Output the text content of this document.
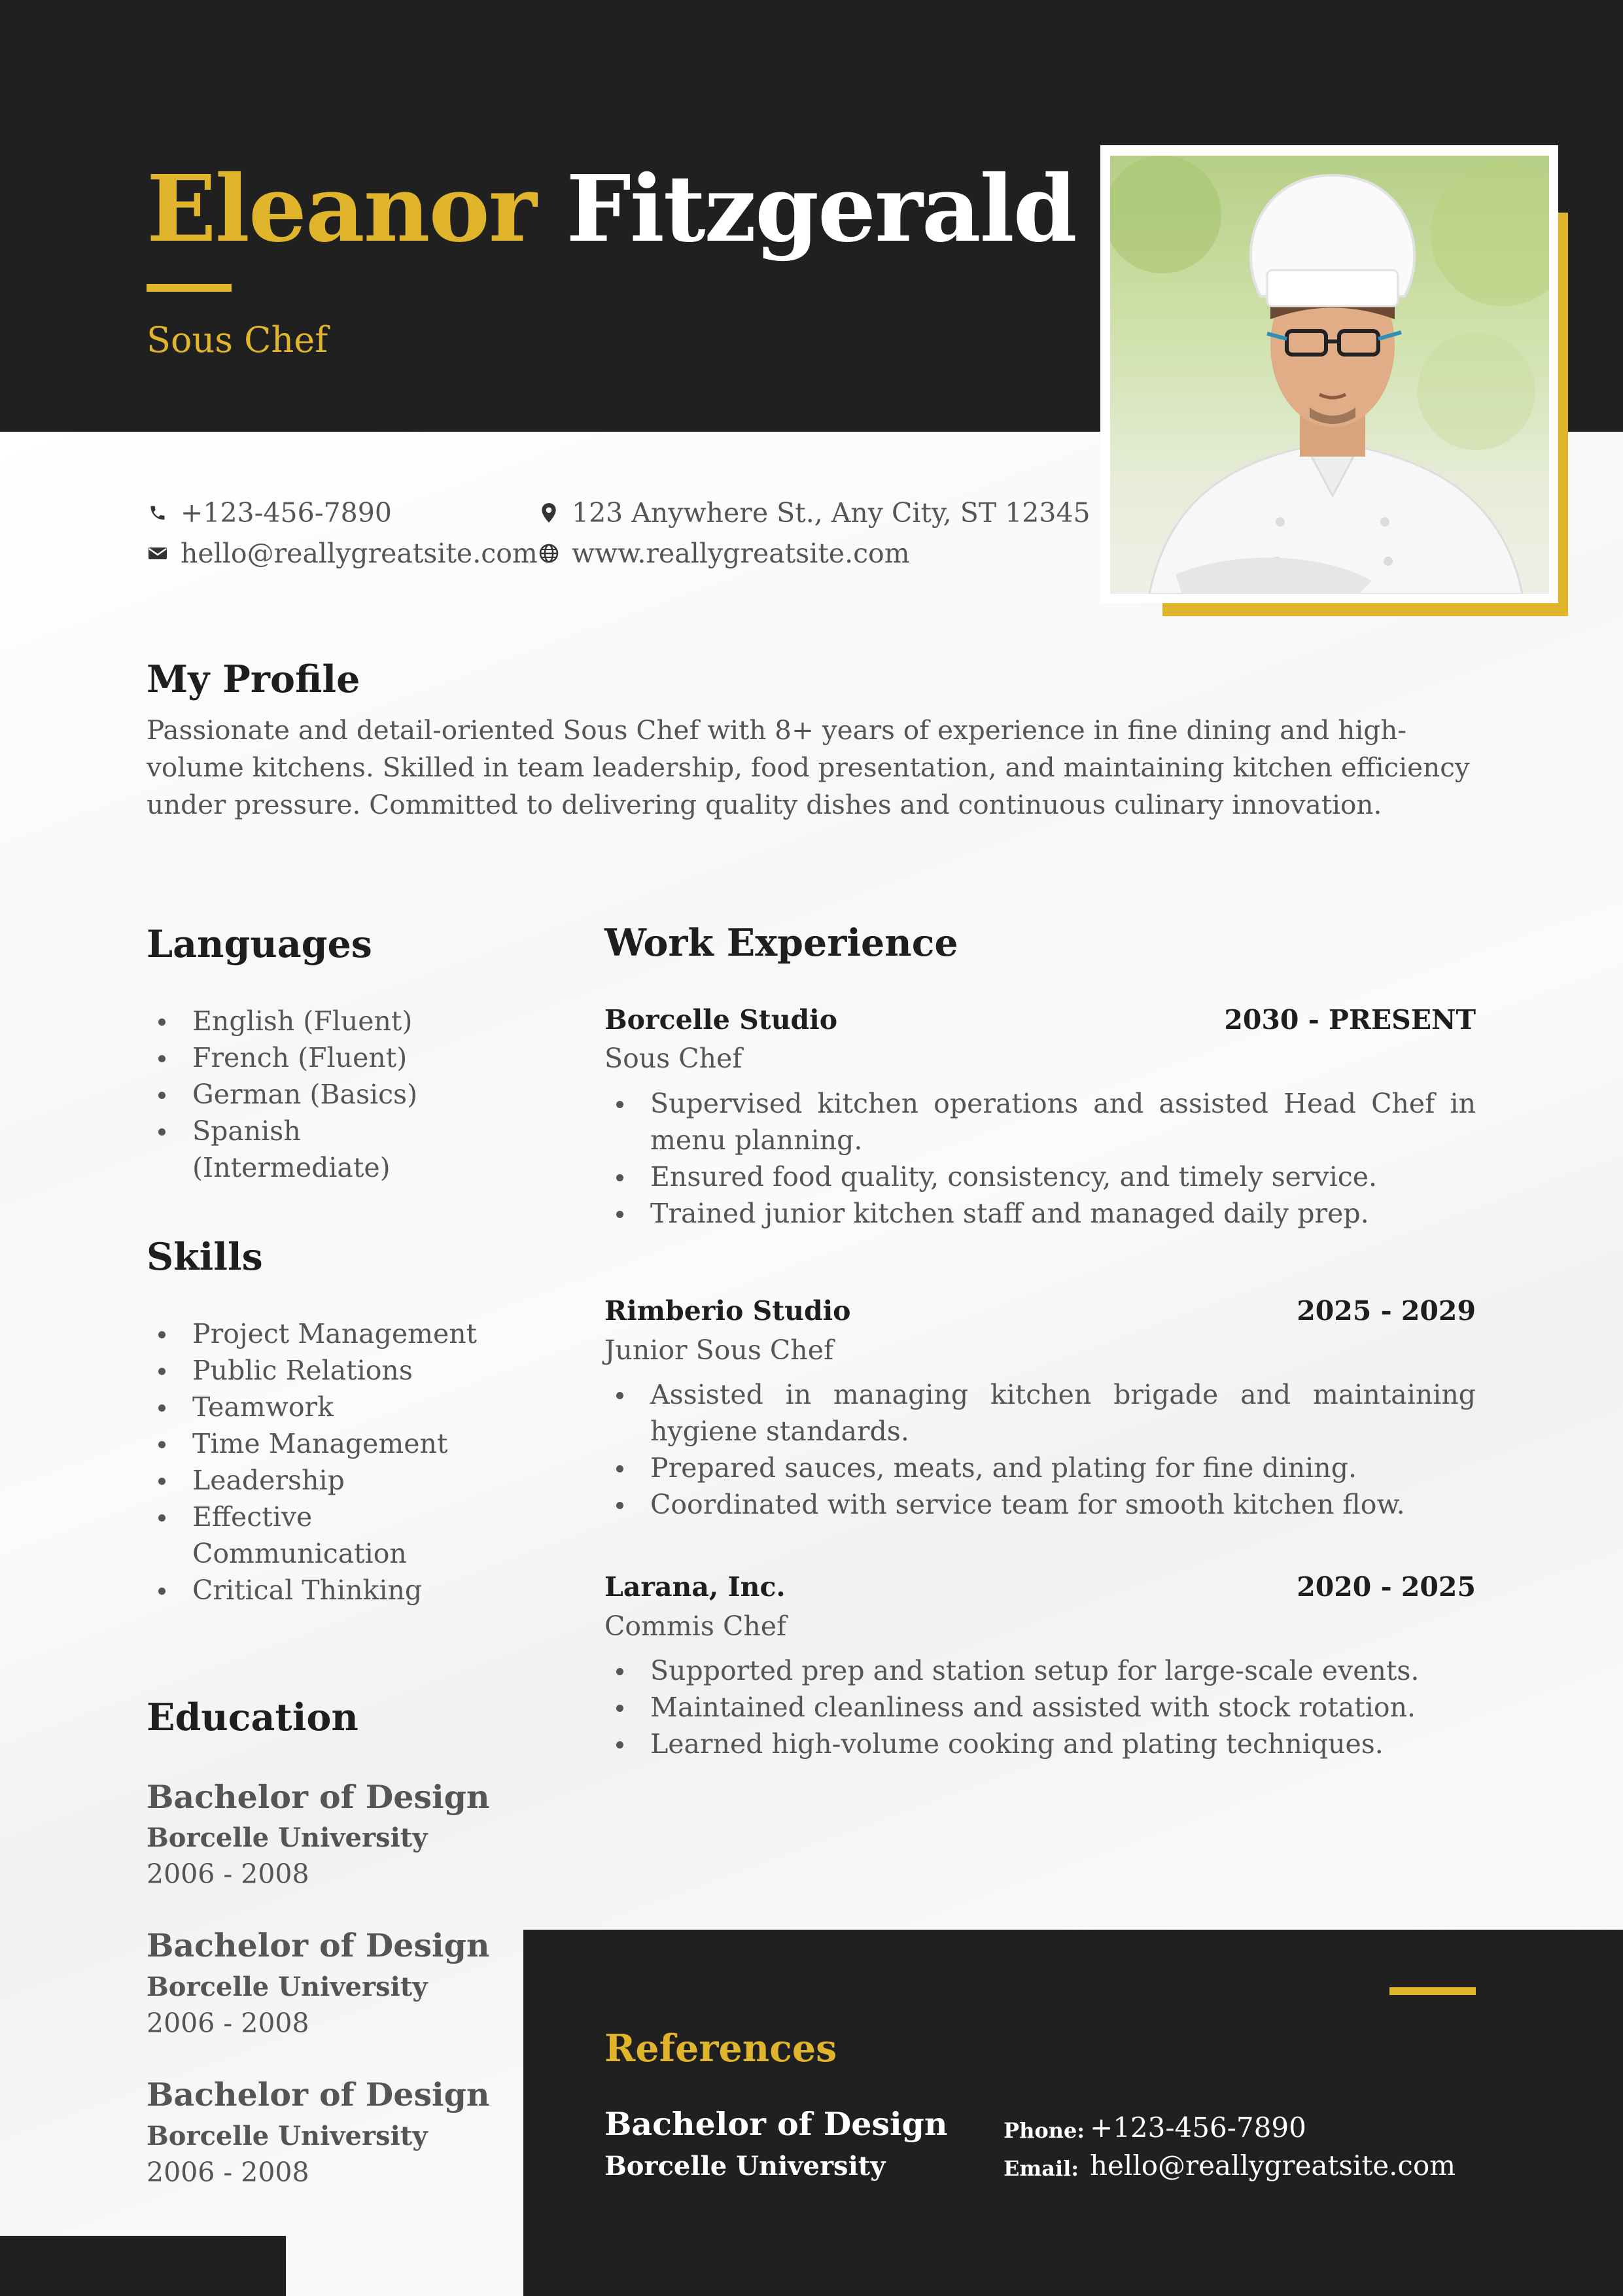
Eleanor Fitzgerald
Sous Chef
+123-456-7890
hello@reallygreatsite.com
123 Anywhere St., Any City, ST 12345
www.reallygreatsite.com
My Profile
Passionate and detail-oriented Sous Chef with 8+ years of experience in fine dining and high-volume kitchens. Skilled in team leadership, food presentation, and maintaining kitchen efficiency under pressure. Committed to delivering quality dishes and continuous culinary innovation.
Languages
English (Fluent)
French (Fluent)
German (Basics)
Spanish (Intermediate)
Skills
Project Management
Public Relations
Teamwork
Time Management
Leadership
Effective Communication
Critical Thinking
Education
Bachelor of Design
Borcelle University
2006 - 2008
Bachelor of Design
Borcelle University
2006 - 2008
Bachelor of Design
Borcelle University
2006 - 2008
Work Experience
Borcelle Studio	2030 - PRESENT
Sous Chef
Supervised kitchen operations and assisted Head Chef in menu planning.
Ensured food quality, consistency, and timely service.
Trained junior kitchen staff and managed daily prep.
Rimberio Studio	2025 - 2029
Junior Sous Chef
Assisted in managing kitchen brigade and maintaining hygiene standards.
Prepared sauces, meats, and plating for fine dining.
Coordinated with service team for smooth kitchen flow.
Larana, Inc.	2020 - 2025
Commis Chef
Supported prep and station setup for large-scale events.
Maintained cleanliness and assisted with stock rotation.
Learned high-volume cooking and plating techniques.
References
Bachelor of Design
Borcelle University
Phone: +123-456-7890
Email: hello@reallygreatsite.com
